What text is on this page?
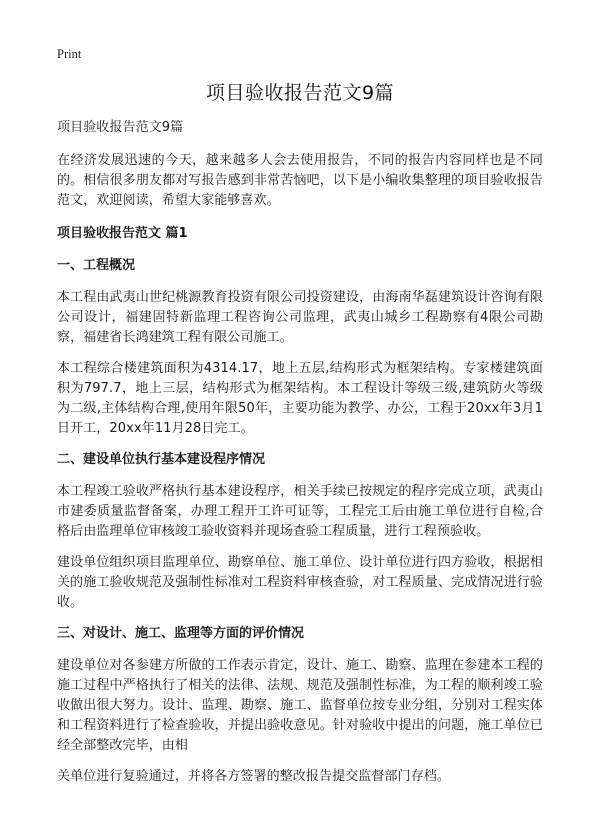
Print
项目验收报告范文9篇

项目验收报告范文9篇

在经济发展迅速的今天，越来越多人会去使用报告，不同的报告内容同样也是不同的。相信很多朋友都对写报告感到非常苦恼吧，以下是小编收集整理的项目验收报告范文，欢迎阅读，希望大家能够喜欢。

项目验收报告范文 篇1
一、工程概况

本工程由武夷山世纪桃源教育投资有限公司投资建设，由海南华磊建筑设计咨询有限公司设计，福建固特新监理工程咨询公司监理，武夷山城乡工程勘察有4限公司勘察，福建省长鸿建筑工程有限公司施工。

本工程综合楼建筑面积为4314.17，地上五层,结构形式为框架结构。专家楼建筑面积为797.7，地上三层，结构形式为框架结构。本工程设计等级三级,建筑防火等级为二级,主体结构合理,使用年限50年，主要功能为教学、办公，工程于20xx年3月1日开工，20xx年11月28日完工。

二、建设单位执行基本建设程序情况

本工程竣工验收严格执行基本建设程序，相关手续已按规定的程序完成立项，武夷山市建委质量监督备案，办理工程开工许可证等，工程完工后由施工单位进行自检,合格后由监理单位审核竣工验收资料并现场查验工程质量，进行工程预验收。

建设单位组织项目监理单位、勘察单位、施工单位、设计单位进行四方验收，根据相关的施工验收规范及强制性标准对工程资料审核查验，对工程质量、完成情况进行验收。

三、对设计、施工、监理等方面的评价情况

建设单位对各参建方所做的工作表示肯定，设计、施工、勘察、监理在参建本工程的施工过程中严格执行了相关的法律、法规、规范及强制性标准，为工程的顺利竣工验收做出很大努力。设计、监理、勘察、施工、监督单位按专业分组，分别对工程实体和工程资料进行了检查验收，并提出验收意见。针对验收中提出的问题，施工单位已经全部整改完毕，由相

关单位进行复验通过，并将各方签署的整改报告提交监督部门存档。
